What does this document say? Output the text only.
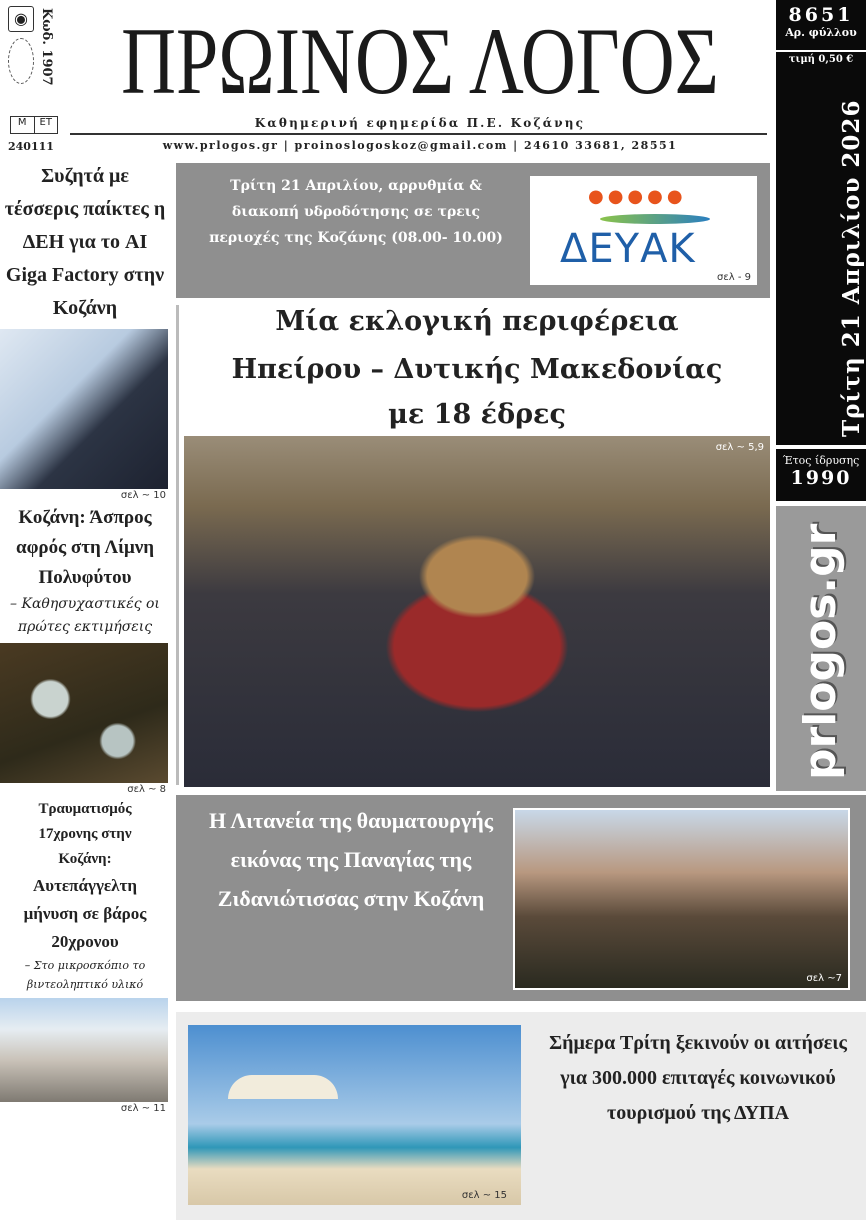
◉ Κωδ. 1907
Μ	ΕΤ
240111
ΠΡΩΙΝΟΣ ΛΟΓΟΣ
Καθημερινή εφημερίδα Π.Ε. Κοζάνης
www.prlogos.gr | proinoslogoskoz@gmail.com | 24610 33681, 28551
8651
Αρ. φύλλου
τιμή 0,50 €
Τρίτη 21 Απριλίου 2026
Έτος ίδρυσης
1990
prlogos.gr
Συζητά με τέσσερις παίκτες η ΔΕΗ για το AI Giga Factory στην Κοζάνη
σελ ~ 10
Κοζάνη: Άσπρος αφρός στη Λίμνη Πολυφύτου
– Καθησυχαστικές οι πρώτες εκτιμήσεις
σελ ~ 8
Τραυματισμός 17χρονης στην Κοζάνη:
Αυτεπάγγελτη μήνυση σε βάρος 20χρονου
– Στο μικροσκόπιο το βιντεοληπτικό υλικό
σελ ~ 11
Τρίτη 21 Απριλίου, αρρυθμία & διακοπή υδροδότησης σε τρεις περιοχές της Κοζάνης (08.00- 10.00)
●●●●●
ΔΕΥΑΚ
σελ - 9
Μία εκλογική περιφέρεια
Ηπείρου – Δυτικής Μακεδονίας
με 18 έδρες
σελ ~ 5,9
Η Λιτανεία της θαυματουργής εικόνας της Παναγίας της Ζιδανιώτισσας στην Κοζάνη
σελ ~7
σελ ~ 15
Σήμερα Τρίτη ξεκινούν οι αιτήσεις για 300.000 επιταγές κοινωνικού τουρισμού της ΔΥΠΑ
